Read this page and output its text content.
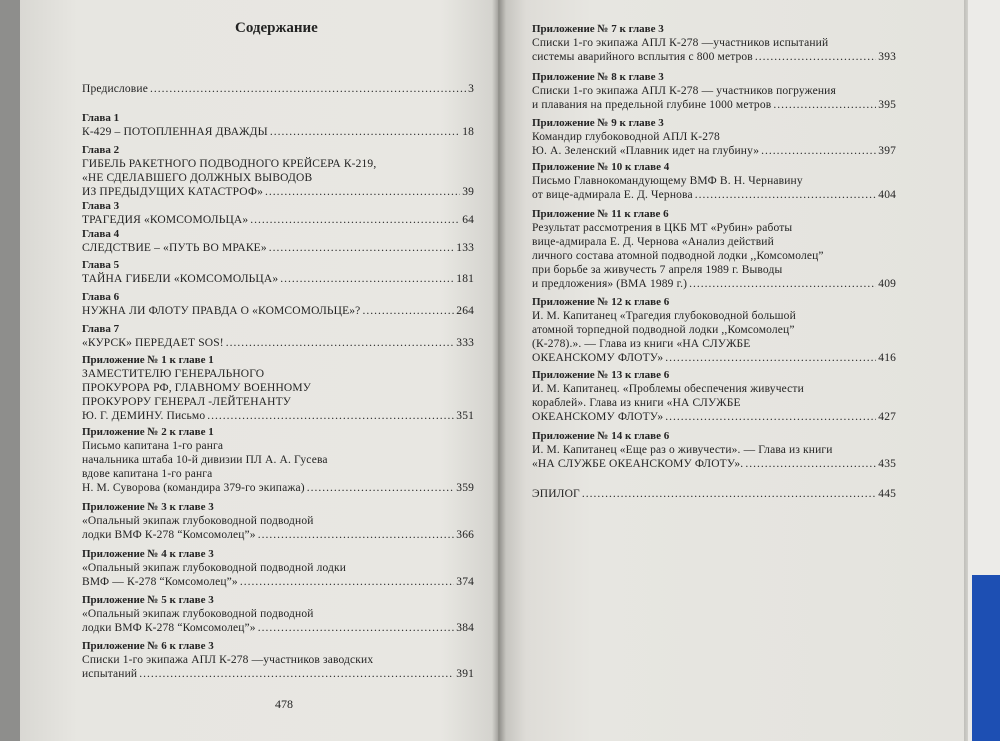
Содержание
478
Предисловие .....	3
Глава 1
К-429 – ПОТОПЛЕННАЯ ДВАЖДЫ .....	18
Глава 2
ГИБЕЛЬ РАКЕТНОГО ПОДВОДНОГО КРЕЙСЕРА К-219,
«НЕ СДЕЛАВШЕГО ДОЛЖНЫХ ВЫВОДОВ
ИЗ ПРЕДЫДУЩИХ КАТАСТРОФ» .....	39
Глава 3
ТРАГЕДИЯ «КОМСОМОЛЬЦА» .....	64
Глава 4
СЛЕДСТВИЕ – «ПУТЬ ВО МРАКЕ» .....	133
Глава 5
ТАЙНА ГИБЕЛИ «КОМСОМОЛЬЦА» .....	181
Глава 6
НУЖНА ЛИ ФЛОТУ ПРАВДА О «КОМСОМОЛЬЦЕ»? .....	264
Глава 7
«КУРСК» ПЕРЕДАЕТ SOS! .....	333
Приложение № 1 к главе 1
ЗАМЕСТИТЕЛЮ ГЕНЕРАЛЬНОГО
ПРОКУРОРА РФ, ГЛАВНОМУ ВОЕННОМУ
ПРОКУРОРУ ГЕНЕРАЛ -ЛЕЙТЕНАНТУ
Ю. Г. ДЕМИНУ. Письмо .....	351
Приложение № 2 к главе 1
Письмо капитана 1-го ранга
начальника штаба 10-й дивизии ПЛ А. А. Гусева
вдове капитана 1-го ранга
Н. М. Суворова (командира 379-го экипажа) .....	359
Приложение № 3 к главе 3
«Опальный экипаж глубоководной подводной
лодки ВМФ К-278 “Комсомолец”» .....	366
Приложение № 4 к главе 3
«Опальный экипаж глубоководной подводной лодки
ВМФ — К-278 “Комсомолец”» .....	374
Приложение № 5 к главе 3
«Опальный экипаж глубоководной подводной
лодки ВМФ К-278 “Комсомолец”» .....	384
Приложение № 6 к главе 3
Списки 1-го экипажа АПЛ К-278 —участников заводских
испытаний .....	391
Приложение № 7 к главе 3
Списки 1-го экипажа АПЛ К-278 —участников испытаний
системы аварийного всплытия с 800 метров .....	393
Приложение № 8 к главе 3
Списки 1-го экипажа АПЛ К-278 — участников погружения
и плавания на предельной глубине 1000 метров .....	395
Приложение № 9 к главе 3
Командир глубоководной АПЛ К-278
Ю. А. Зеленский «Плавник идет на глубину» .....	397
Приложение № 10 к главе 4
Письмо Главнокомандующему ВМФ В. Н. Чернавину
от вице-адмирала Е. Д. Чернова .....	404
Приложение № 11 к главе 6
Результат рассмотрения в ЦКБ МТ «Рубин» работы
вице-адмирала Е. Д. Чернова «Анализ действий
личного состава атомной подводной лодки ,,Комсомолец”
при борьбе за живучесть 7 апреля 1989 г. Выводы
и предложения» (ВМА 1989 г.) .....	409
Приложение № 12 к главе 6
И. М. Капитанец «Трагедия глубоководной большой
атомной торпедной подводной лодки ,,Комсомолец”
(К-278).». — Глава из книги «НА СЛУЖБЕ
ОКЕАНСКОМУ ФЛОТУ» .....	416
Приложение № 13 к главе 6
И. М. Капитанец. «Проблемы обеспечения живучести
кораблей». Глава из книги «НА СЛУЖБЕ
ОКЕАНСКОМУ ФЛОТУ» .....	427
Приложение № 14 к главе 6
И. М. Капитанец «Еще раз о живучести». — Глава из книги
«НА СЛУЖБЕ ОКЕАНСКОМУ ФЛОТУ». .....	435
ЭПИЛОГ .....	445
